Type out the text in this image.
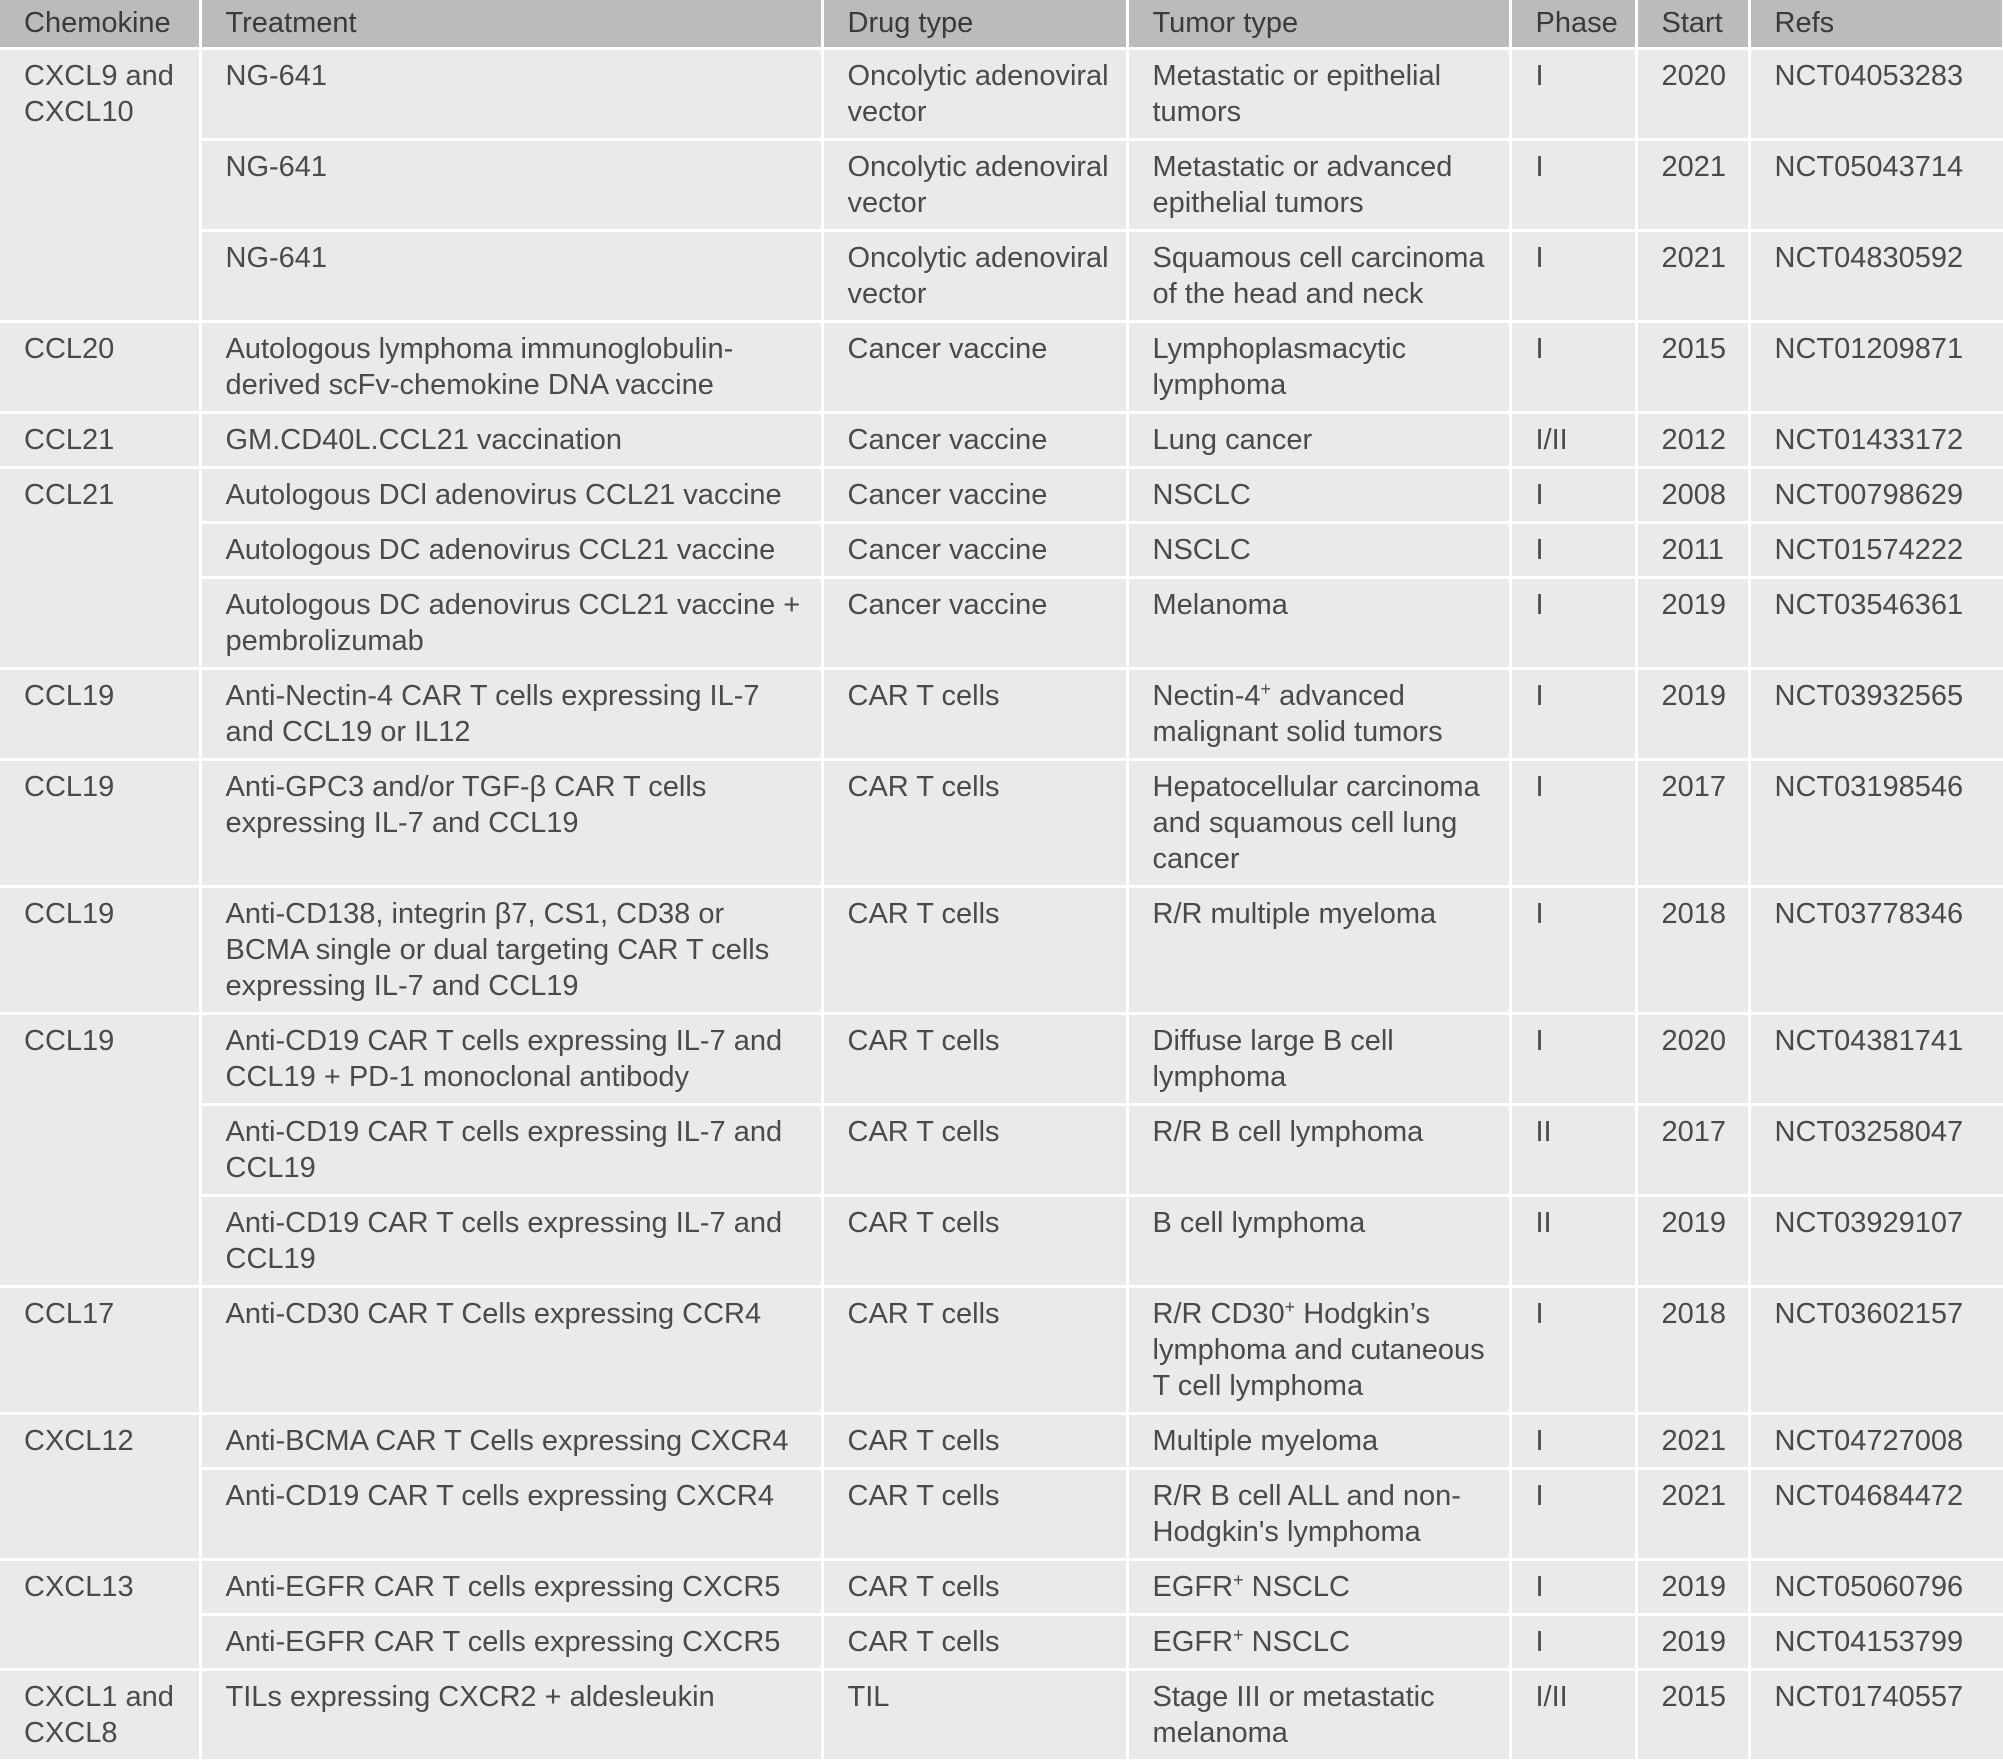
Chemokine	Treatment	Drug type	Tumor type	Phase	Start	Refs
CXCL9 and CXCL10	NG-641	Oncolytic adenoviral vector	Metastatic or epithelial tumors	I	2020	NCT04053283
	NG-641	Oncolytic adenoviral vector	Metastatic or advanced epithelial tumors	I	2021	NCT05043714
	NG-641	Oncolytic adenoviral vector	Squamous cell carcinoma of the head and neck	I	2021	NCT04830592
CCL20	Autologous lymphoma immunoglobulin-derived scFv-chemokine DNA vaccine	Cancer vaccine	Lymphoplasmacytic lymphoma	I	2015	NCT01209871
CCL21	GM.CD40L.CCL21 vaccination	Cancer vaccine	Lung cancer	I/II	2012	NCT01433172
CCL21	Autologous DCl adenovirus CCL21 vaccine	Cancer vaccine	NSCLC	I	2008	NCT00798629
	Autologous DC adenovirus CCL21 vaccine	Cancer vaccine	NSCLC	I	2011	NCT01574222
	Autologous DC adenovirus CCL21 vaccine + pembrolizumab	Cancer vaccine	Melanoma	I	2019	NCT03546361
CCL19	Anti-Nectin-4 CAR T cells expressing IL-7 and CCL19 or IL12	CAR T cells	Nectin-4+ advanced malignant solid tumors	I	2019	NCT03932565
CCL19	Anti-GPC3 and/or TGF-β CAR T cells expressing IL-7 and CCL19	CAR T cells	Hepatocellular carcinoma and squamous cell lung cancer	I	2017	NCT03198546
CCL19	Anti-CD138, integrin β7, CS1, CD38 or BCMA single or dual targeting CAR T cells expressing IL-7 and CCL19	CAR T cells	R/R multiple myeloma	I	2018	NCT03778346
CCL19	Anti-CD19 CAR T cells expressing IL-7 and CCL19 + PD-1 monoclonal antibody	CAR T cells	Diffuse large B cell lymphoma	I	2020	NCT04381741
	Anti-CD19 CAR T cells expressing IL-7 and CCL19	CAR T cells	R/R B cell lymphoma	II	2017	NCT03258047
	Anti-CD19 CAR T cells expressing IL-7 and CCL19	CAR T cells	B cell lymphoma	II	2019	NCT03929107
CCL17	Anti-CD30 CAR T Cells expressing CCR4	CAR T cells	R/R CD30+ Hodgkin’s lymphoma and cutaneous T cell lymphoma	I	2018	NCT03602157
CXCL12	Anti-BCMA CAR T Cells expressing CXCR4	CAR T cells	Multiple myeloma	I	2021	NCT04727008
	Anti-CD19 CAR T cells expressing CXCR4	CAR T cells	R/R B cell ALL and non-Hodgkin's lymphoma	I	2021	NCT04684472
CXCL13	Anti-EGFR CAR T cells expressing CXCR5	CAR T cells	EGFR+ NSCLC	I	2019	NCT05060796
	Anti-EGFR CAR T cells expressing CXCR5	CAR T cells	EGFR+ NSCLC	I	2019	NCT04153799
CXCL1 and CXCL8	TILs expressing CXCR2 + aldesleukin	TIL	Stage III or metastatic melanoma	I/II	2015	NCT01740557
